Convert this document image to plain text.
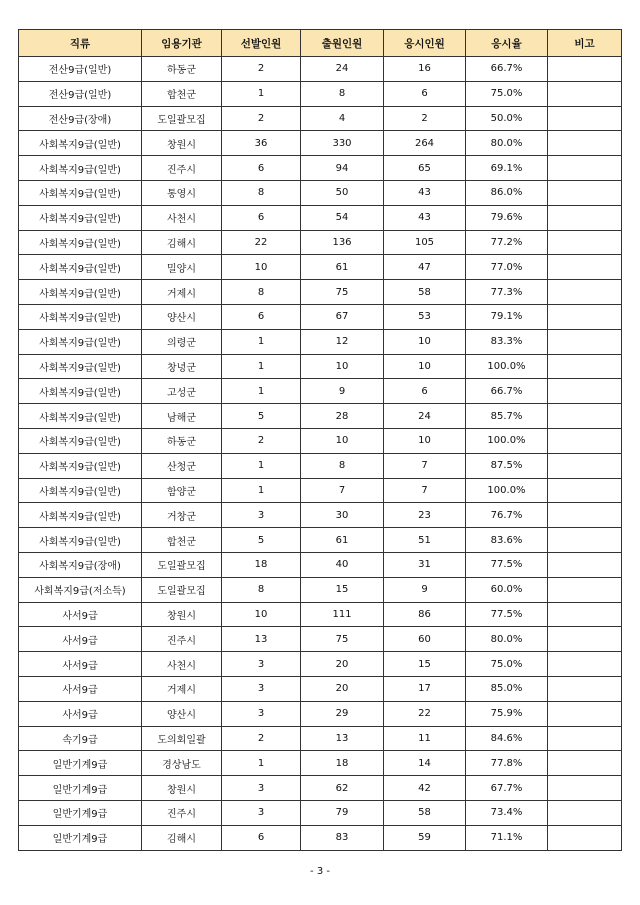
직류	임용기관	선발인원	출원인원	응시인원	응시율	비고
전산9급(일반)	하동군	2	24	16	66.7%	
전산9급(일반)	합천군	1	8	6	75.0%	
전산9급(장애)	도일괄모집	2	4	2	50.0%	
사회복지9급(일반)	창원시	36	330	264	80.0%	
사회복지9급(일반)	진주시	6	94	65	69.1%	
사회복지9급(일반)	통영시	8	50	43	86.0%	
사회복지9급(일반)	사천시	6	54	43	79.6%	
사회복지9급(일반)	김해시	22	136	105	77.2%	
사회복지9급(일반)	밀양시	10	61	47	77.0%	
사회복지9급(일반)	거제시	8	75	58	77.3%	
사회복지9급(일반)	양산시	6	67	53	79.1%	
사회복지9급(일반)	의령군	1	12	10	83.3%	
사회복지9급(일반)	창녕군	1	10	10	100.0%	
사회복지9급(일반)	고성군	1	9	6	66.7%	
사회복지9급(일반)	남해군	5	28	24	85.7%	
사회복지9급(일반)	하동군	2	10	10	100.0%	
사회복지9급(일반)	산청군	1	8	7	87.5%	
사회복지9급(일반)	함양군	1	7	7	100.0%	
사회복지9급(일반)	거창군	3	30	23	76.7%	
사회복지9급(일반)	합천군	5	61	51	83.6%	
사회복지9급(장애)	도일괄모집	18	40	31	77.5%	
사회복지9급(저소득)	도일괄모집	8	15	9	60.0%	
사서9급	창원시	10	111	86	77.5%	
사서9급	진주시	13	75	60	80.0%	
사서9급	사천시	3	20	15	75.0%	
사서9급	거제시	3	20	17	85.0%	
사서9급	양산시	3	29	22	75.9%	
속기9급	도의회일괄	2	13	11	84.6%	
일반기계9급	경상남도	1	18	14	77.8%	
일반기계9급	창원시	3	62	42	67.7%	
일반기계9급	진주시	3	79	58	73.4%	
일반기계9급	김해시	6	83	59	71.1%	
- 3 -
